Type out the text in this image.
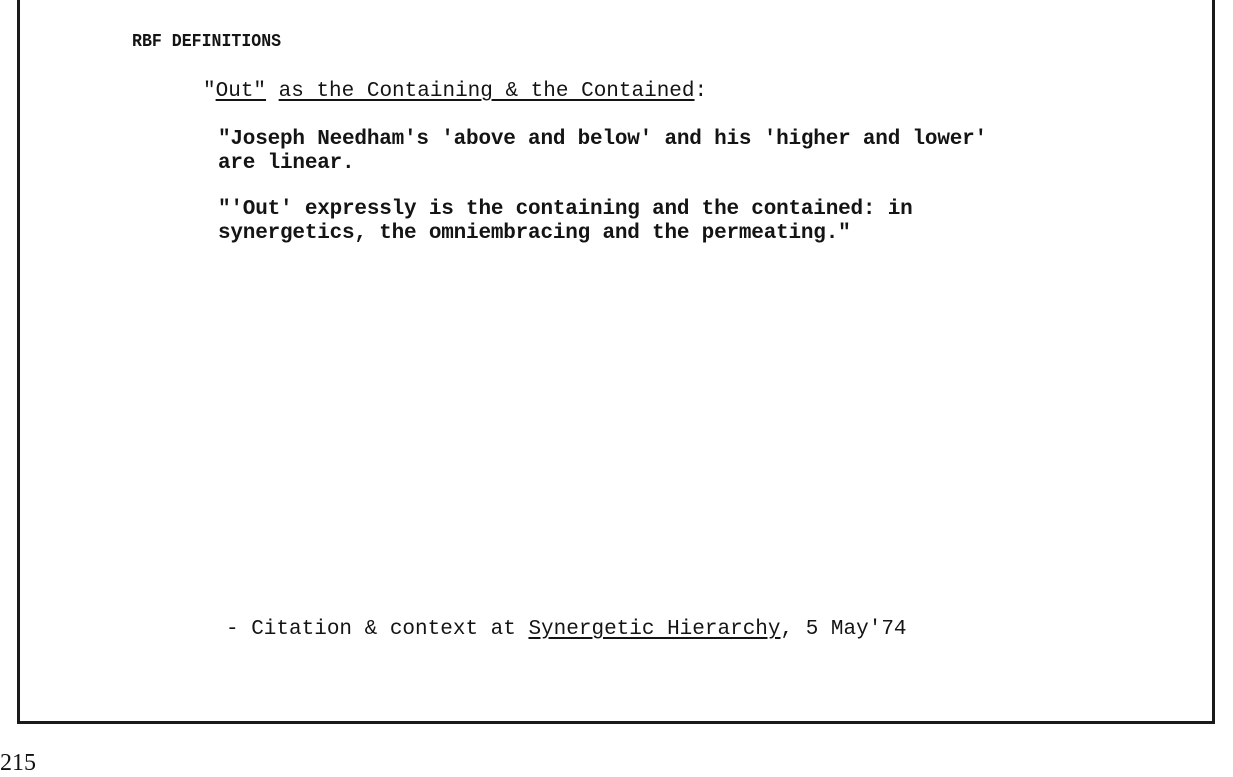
RBF DEFINITIONS
"Out" as the Containing & the Contained:
"Joseph Needham's 'above and below' and his 'higher and lower'
are linear.
"'Out' expressly is the containing and the contained: in
synergetics, the omniembracing and the permeating."
- Citation & context at Synergetic Hierarchy, 5 May'74
215
